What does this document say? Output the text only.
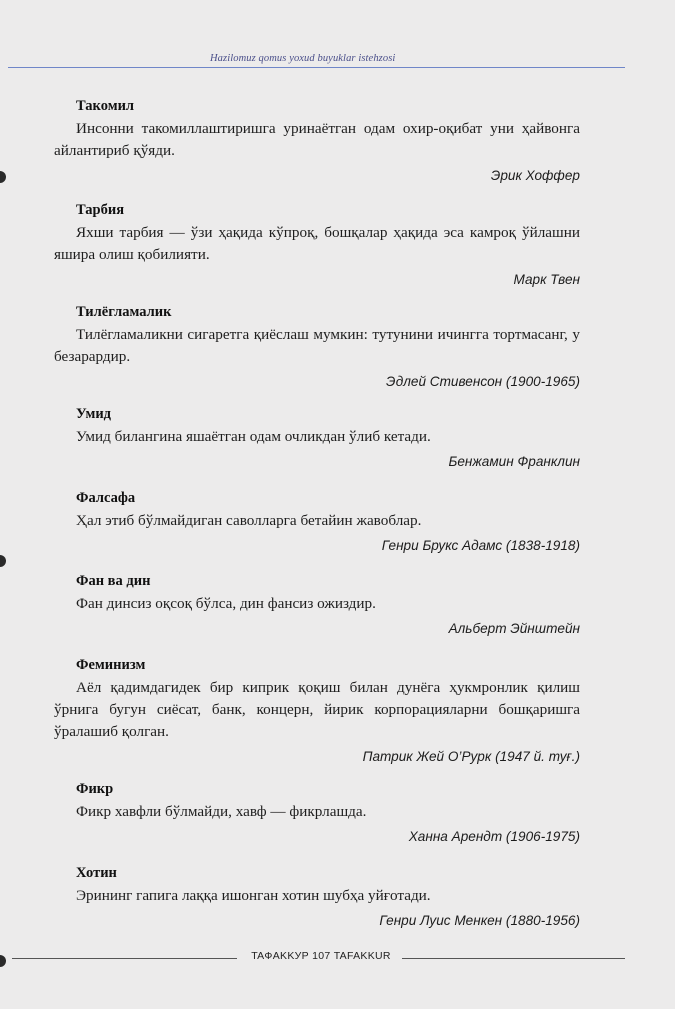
Hazilomuz qomus yoxud buyuklar istehzosi
Такомил
Инсонни такомиллаштиришга уринаётган одам охир-оқибат уни ҳайвонга айлантириб қўяди.
Эрик Хоффер
Тарбия
Яхши тарбия — ўзи ҳақида кўпроқ, бошқалар ҳақида эса камроқ ўйлашни яшира олиш қобилияти.
Марк Твен
Тилёгламалик
Тилёгламаликни сигаретга қиёслаш мумкин: тутунини ичингга тортмасанг, у безарардир.
Эдлей Стивенсон (1900-1965)
Умид
Умид билангина яшаётган одам очликдан ўлиб кетади.
Бенжамин Франклин
Фалсафа
Ҳал этиб бўлмайдиган саволларга бетайин жавоблар.
Генри Брукс Адамс (1838-1918)
Фан ва дин
Фан динсиз оқсоқ бўлса, дин фансиз ожиздир.
Альберт Эйнштейн
Феминизм
Аёл қадимдагидек бир киприк қоқиш билан дунёга ҳукмронлик қилиш ўрнига бугун сиёсат, банк, концерн, йирик корпорацияларни бошқаришга ўралашиб қолган.
Патрик Жей О’Рурк (1947 й. туғ.)
Фикр
Фикр хавфли бўлмайди, хавф — фикрлашда.
Ханна Арендт (1906-1975)
Хотин
Эрининг гапига лаққа ишонган хотин шубҳа уйғотади.
Генри Луис Менкен (1880-1956)
TAФAKKУР 107 TAFAKKUR
